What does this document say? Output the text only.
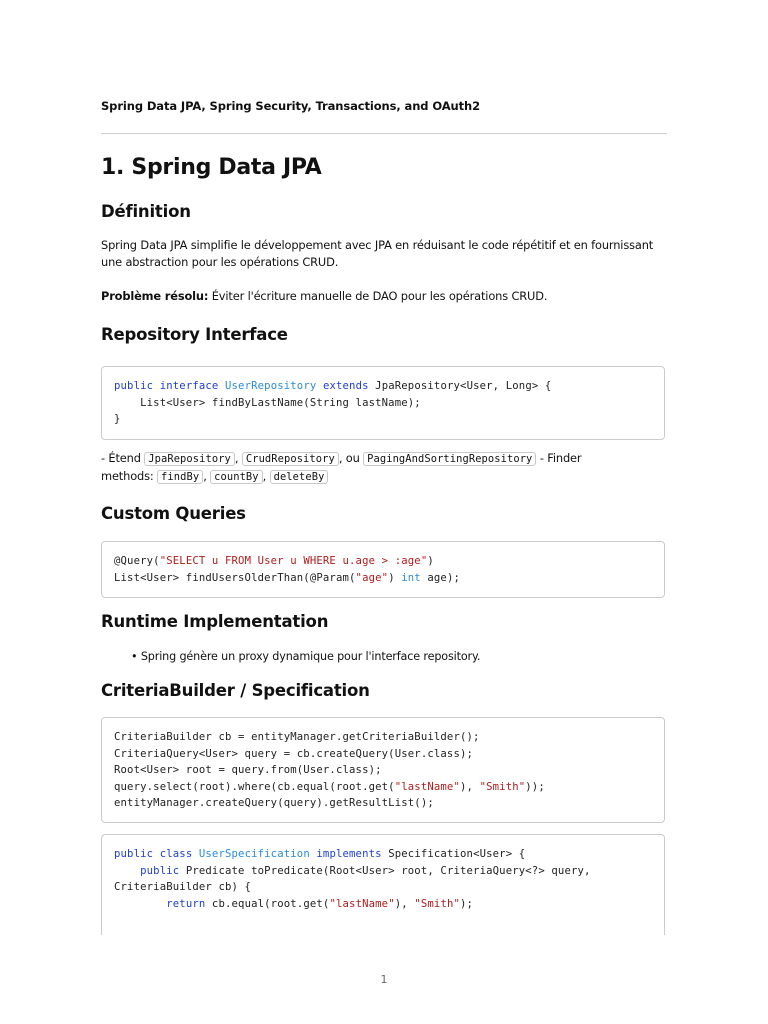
Spring Data JPA, Spring Security, Transactions, and OAuth2
1. Spring Data JPA
Définition

Spring Data JPA simplifie le développement avec JPA en réduisant le code répétitif et en fournissant une abstraction pour les opérations CRUD.

Problème résolu: Éviter l'écriture manuelle de DAO pour les opérations CRUD.

Repository Interface
public interface UserRepository extends JpaRepository<User, Long> {
List<User> findByLastName(String lastName);
}

- Étend JpaRepository , CrudRepository , ou PagingAndSortingRepository - Finder
methods: findBy , countBy , deleteBy

Custom Queries
@Query("SELECT u FROM User u WHERE u.age > :age")
List<User> findUsersOlderThan(@Param("age") int age);
Runtime Implementation
• Spring génère un proxy dynamique pour l'interface repository.
CriteriaBuilder / Specification
CriteriaBuilder cb = entityManager.getCriteriaBuilder();
CriteriaQuery<User> query = cb.createQuery(User.class);
Root<User> root = query.from(User.class);
query.select(root).where(cb.equal(root.get("lastName"), "Smith"));
entityManager.createQuery(query).getResultList();
public class UserSpecification implements Specification<User> {
public Predicate toPredicate(Root<User> root, CriteriaQuery<?> query,
CriteriaBuilder cb) {
return cb.equal(root.get("lastName"), "Smith");
1
